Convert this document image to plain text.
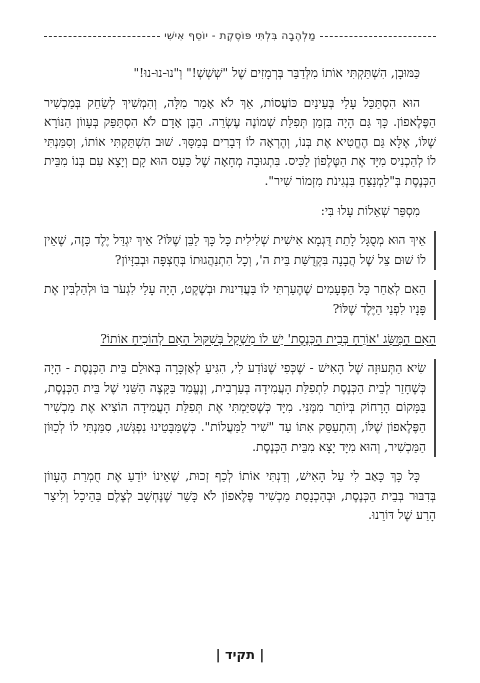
מַלְהֶבָה בִּלְתִּי פּוֹסֶקֶת - יוֹסֵף אִישִׁי

כַּמּוּבָן, הִשְׁתַּקְתִּי אוֹתוֹ מִלְּדַבֵּר בְּרְמָזִים שֶׁל "שְׁשְׁשְׁ!" וְ"נוּ-נוּ-נוּ!"

הוּא הִסְתַּכֵּל עָלַי בְּעֵינַיִם כּוֹעֲסוֹת, אַךְ לֹא אָמַר מִלָּה, וְהִמְשִׁיךְ לְשַׂחֵק בְּמַכְשִׁיר הַפֶּלֶאפוֹן. כָּךְ גַּם הָיָה בִּזְמַן תְּפִלַּת שְׁמוֹנֶה עֶשְׂרֵה. הַבֶּן אָדָם לֹא הִסְתַּפֵּק בְּעָווֹן הַנּוֹרָא שֶׁלּוֹ, אֶלָּא גַּם הֶחֱטִיא אֶת בְּנוֹ, וְהֶרְאָה לוֹ דְּבָרִים בְּמַסָּךְ. שׁוּב הִשְׁתַּקְתִּי אוֹתוֹ, וְסִמַּנְתִּי לוֹ לְהַכְנִיס מִיָּד אֶת הַטֶּלֶפוֹן לַכִּיס. בִּתְגוּבָה מְחָאָה שֶׁל כַּעַס הוּא קָם וְיָצָא עִם בְּנוֹ מִבֵּית הַכְּנֶסֶת בְּ"לַמְנַצֵּחַ בִּנְגִינֹת מִזְמוֹר שִׁיר".

מִסְפַּר שְׁאֵלוֹת עָלוּ בִּי:

אֵיךְ הוּא מְסֻגָּל לָתֵת דֻּגְמָא אִישִׁית שְׁלִילִית כָּל כָּךְ לַבֵּן שֶׁלּוֹ? אֵיךְ יִגְדַּל יֶלֶד כָּזֶה, שֶׁאֵין לוֹ שׁוּם צֵל שֶׁל הֲבָנָה בִּקְדֻשַּׁת בֵּית ה', וְכָל הִתְנַהֲגוּתוֹ בְּחֻצְפָּה וּבְבִזָּיוֹן?

הַאִם לְאַחַר כָּל הַפְּעָמִים שֶׁהֶעַרְתִּי לוֹ בַּעֲדִינוּת וּבְשֶׁקֶט, הָיָה עָלַי לִגְעֹר בּוֹ וּלְהַלְבִּין אֶת פָּנָיו לִפְנֵי הַיֶּלֶד שֶׁלּוֹ?

הַאִם הַמֻּשָּׂג 'אוֹרֵחַ בְּבֵית הַכְּנֶסֶת' יֵשׁ לוֹ מִשְׁקָל בְּשִׁקּוּל הַאִם לְהוֹכִיחַ אוֹתוֹ?

שִׂיא הַתְּעוּזָה שֶׁל הָאִישׁ - שֶׁכְּפִי שֶׁנּוֹדַע לִי, הִגִּיעַ לְאַזְכָּרָה בְּאוּלַם בֵּית הַכְּנֶסֶת - הָיָה כְּשֶׁחָזַר לְבֵית הַכְּנֶסֶת לִתְפִלַּת הָעֲמִידָה בְּעַרְבִית, וְנֶעֱמַד בַּקָּצֶה הַשֵּׁנִי שֶׁל בֵּית הַכְּנֶסֶת, בַּמָּקוֹם הָרָחוֹק בְּיוֹתֵר מִמֶּנִּי. מִיָּד כְּשֶׁסִּיַּמְתִּי אֶת תְּפִלַּת הָעֲמִידָה הוֹצִיא אֶת מַכְשִׁיר הַפֶּלֶאפוֹן שֶׁלּוֹ, וְהִתְעַסֵּק אִתּוֹ עַד "שִׁיר לַמַּעֲלוֹת". כְּשֶׁמַּבָּטֵינוּ נִפְגְּשׁוּ, סִמַּנְתִּי לוֹ לְכַוּוֹן הַמַּכְשִׁיר, וְהוּא מִיָּד יָצָא מִבֵּית הַכְּנֶסֶת.

כָּל כָּךְ כָּאַב לִי עַל הָאִישׁ, וְדַנְתִּי אוֹתוֹ לְכַף זְכוּת, שֶׁאֵינוֹ יוֹדֵעַ אֶת חֻמְרַת הֶעָווֹן בְּדִבּוּר בְּבֵית הַכְּנֶסֶת, וּבְהַכְנָסַת מַכְשִׁיר פֶּלֶאפוֹן לֹא כָּשֵׁר שֶׁנֶּחְשָׁב לְצֶלֶם בַּהֵיכָל וְלִיצַר הָרַע שֶׁל דּוֹרֵנוּ.

| תקיד |
